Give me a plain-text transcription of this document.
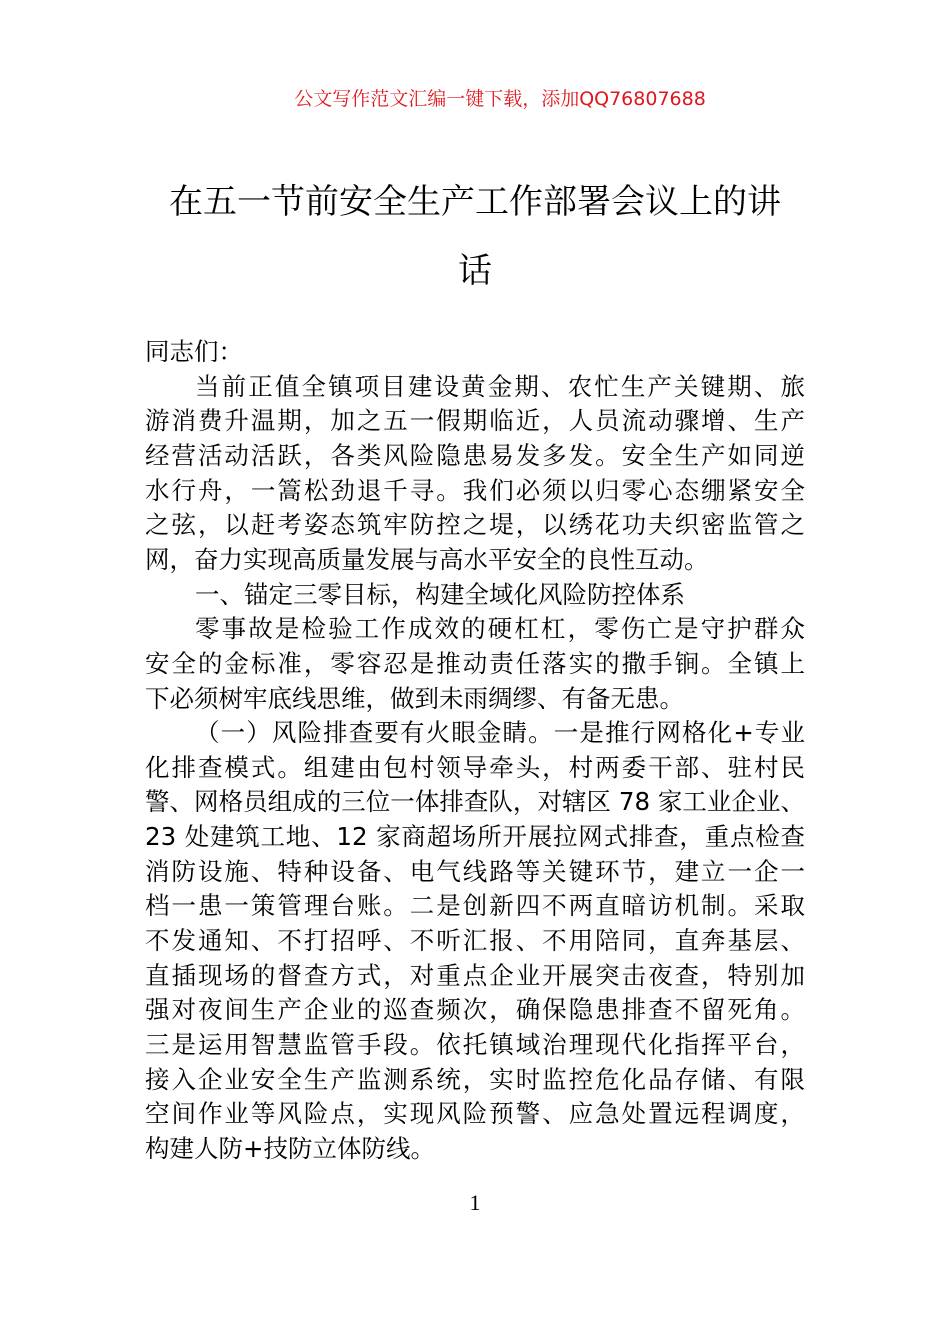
公文写作范文汇编一键下载，添加QQ76807688
在五一节前安全生产工作部署会议上的讲
话
同志们：
当前正值全镇项目建设黄金期、农忙生产关键期、旅
游消费升温期，加之五一假期临近，人员流动骤增、生产
经营活动活跃，各类风险隐患易发多发。安全生产如同逆
水行舟，一篙松劲退千寻。我们必须以归零心态绷紧安全
之弦，以赶考姿态筑牢防控之堤，以绣花功夫织密监管之
网，奋力实现高质量发展与高水平安全的良性互动。
一、锚定三零目标，构建全域化风险防控体系
零事故是检验工作成效的硬杠杠，零伤亡是守护群众
安全的金标准，零容忍是推动责任落实的撒手锏。全镇上
下必须树牢底线思维，做到未雨绸缪、有备无患。
（一）风险排查要有火眼金睛。一是推行网格化+专业
化排查模式。组建由包村领导牵头，村两委干部、驻村民
警、网格员组成的三位一体排查队，对辖区 78 家工业企业、
23 处建筑工地、12 家商超场所开展拉网式排查，重点检查
消防设施、特种设备、电气线路等关键环节，建立一企一
档一患一策管理台账。二是创新四不两直暗访机制。采取
不发通知、不打招呼、不听汇报、不用陪同，直奔基层、
直插现场的督查方式，对重点企业开展突击夜查，特别加
强对夜间生产企业的巡查频次，确保隐患排查不留死角。
三是运用智慧监管手段。依托镇域治理现代化指挥平台，
接入企业安全生产监测系统，实时监控危化品存储、有限
空间作业等风险点，实现风险预警、应急处置远程调度，
构建人防+技防立体防线。
1
